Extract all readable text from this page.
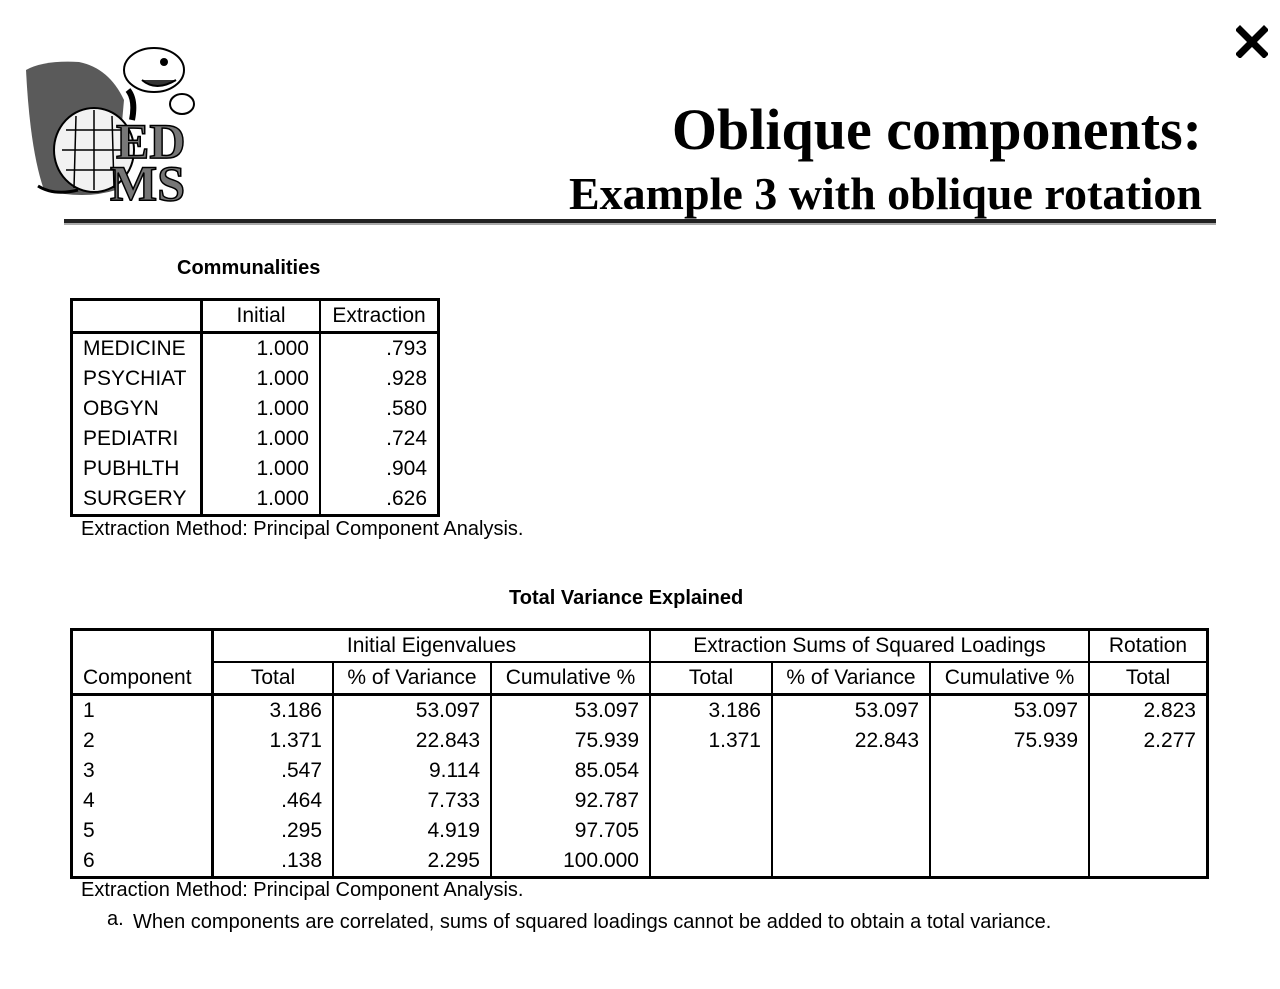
ED
MS
Oblique components:
Example 3 with oblique rotation

Communalities

	Initial	Extraction
MEDICINE	1.000	.793
PSYCHIAT	1.000	.928
OBGYN	1.000	.580
PEDIATRI	1.000	.724
PUBHLTH	1.000	.904
SURGERY	1.000	.626

Extraction Method: Principal Component Analysis.

Total Variance Explained

	Initial Eigenvalues			Extraction Sums of Squared Loadings			Rotation
Component	Total	% of Variance	Cumulative %	Total	% of Variance	Cumulative %	Total
1	3.186	53.097	53.097	3.186	53.097	53.097	2.823
2	1.371	22.843	75.939	1.371	22.843	75.939	2.277
3	.547	9.114	85.054				
4	.464	7.733	92.787				
5	.295	4.919	97.705				
6	.138	2.295	100.000				

Extraction Method: Principal Component Analysis.

a. When components are correlated, sums of squared loadings cannot be added to obtain a total variance.
